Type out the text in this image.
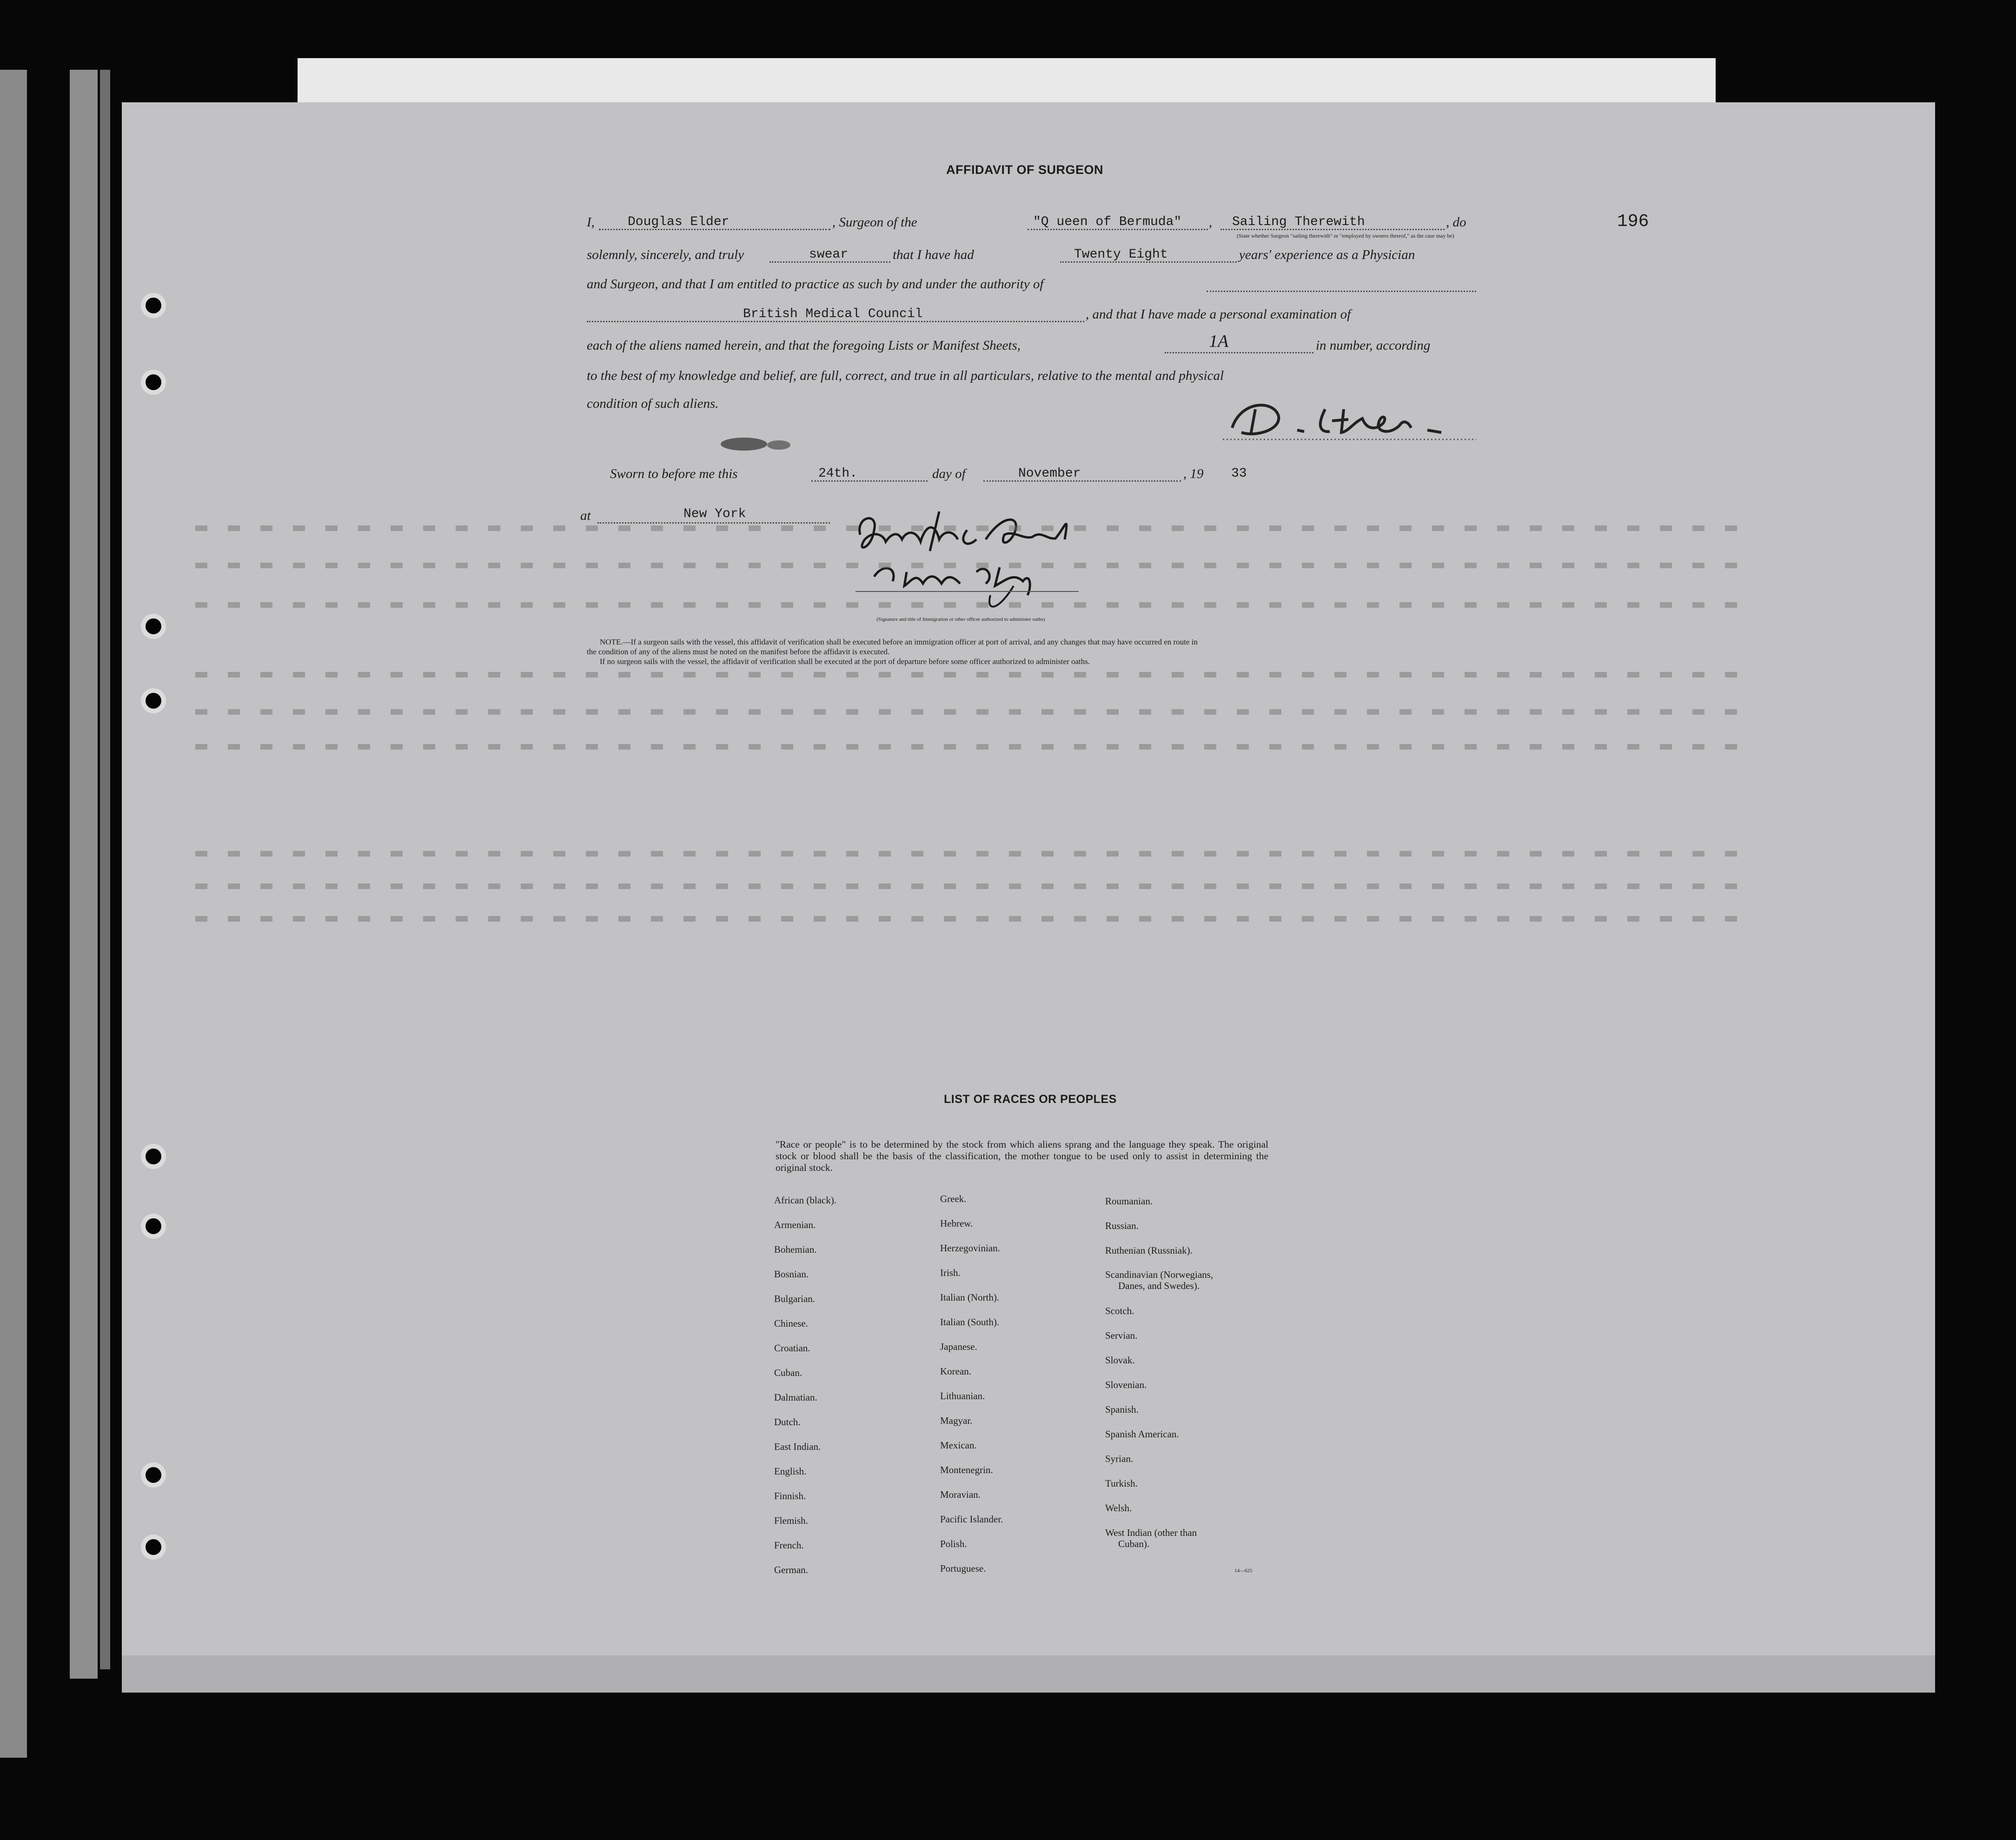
196
AFFIDAVIT OF SURGEON
I,	Douglas Elder	, Surgeon of the	"Q ueen of Bermuda" , Sailing Therewith	, do
(State whether Surgeon "sailing therewith" or "employed by owners thereof," as the case may be)
solemnly, sincerely, and truly	swear	that I have had	Twenty Eight	years' experience as a Physician
and Surgeon, and that I am entitled to practice as such by and under the authority of
British Medical Council	, and that I have made a personal examination of
each of the aliens named herein, and that the foregoing Lists or Manifest Sheets,	1A	in number, according
to the best of my knowledge and belief, are full, correct, and true in all particulars, relative to the mental and physical
condition of such aliens.
Sworn to before me this	24th.	day of	November	, 19 33
at	New York
(Signature and title of Immigration or other officer authorized to administer oaths)
NOTE.—If a surgeon sails with the vessel, this affidavit of verification shall be executed before an immigration officer at port of arrival, and any changes that may have occurred en route in
the condition of any of the aliens must be noted on the manifest before the affidavit is executed.
If no surgeon sails with the vessel, the affidavit of verification shall be executed at the port of departure before some officer authorized to administer oaths.
LIST OF RACES OR PEOPLES
"Race or people" is to be determined by the stock from which aliens sprang and the language they speak. The original stock or blood shall be the basis of the classification, the mother tongue to be used only to assist in determining the original stock.
African (black).
Armenian.
Bohemian.
Bosnian.
Bulgarian.
Chinese.
Croatian.
Cuban.
Dalmatian.
Dutch.
East Indian.
English.
Finnish.
Flemish.
French.
German.
Greek.
Hebrew.
Herzegovinian.
Irish.
Italian (North).
Italian (South).
Japanese.
Korean.
Lithuanian.
Magyar.
Mexican.
Montenegrin.
Moravian.
Pacific Islander.
Polish.
Portuguese.
Roumanian.
Russian.
Ruthenian (Russniak).
Scandinavian (Norwegians,
Danes, and Swedes).
Scotch.
Servian.
Slovak.
Slovenian.
Spanish.
Spanish American.
Syrian.
Turkish.
Welsh.
West Indian (other than
Cuban).
14—625
